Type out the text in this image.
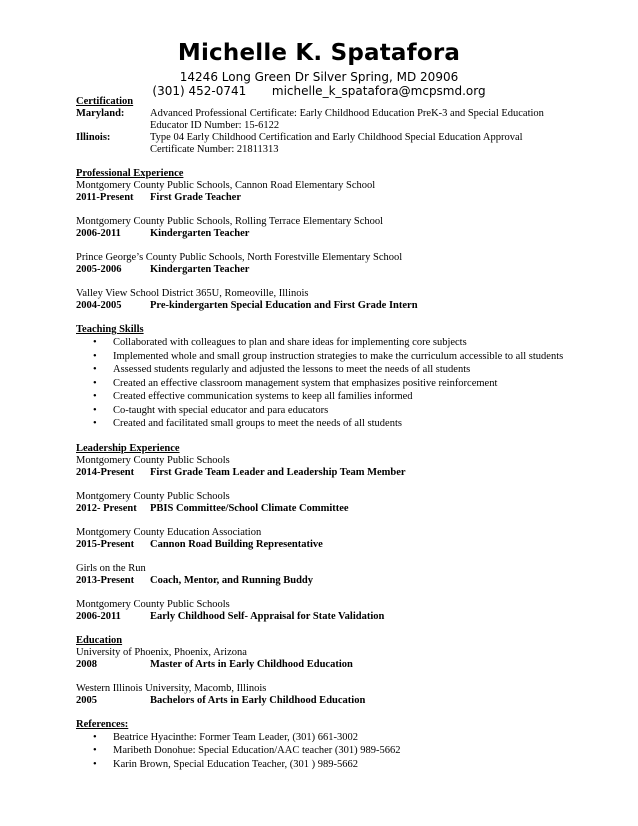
Michelle K. Spatafora
14246 Long Green Dr Silver Spring, MD 20906
(301) 452-0741 michelle_k_spatafora@mcpsmd.org
Certification
Maryland:	Advanced Professional Certificate: Early Childhood Education PreK-3 and Special Education
Educator ID Number: 15-6122
Illinois:	Type 04 Early Childhood Certification and Early Childhood Special Education Approval
Certificate Number: 21811313
Professional Experience
Montgomery County Public Schools, Cannon Road Elementary School
2011-Present	First Grade Teacher
Montgomery County Public Schools, Rolling Terrace Elementary School
2006-2011	Kindergarten Teacher
Prince George’s County Public Schools, North Forestville Elementary School
2005-2006	Kindergarten Teacher
Valley View School District 365U, Romeoville, Illinois
2004-2005	Pre-kindergarten Special Education and First Grade Intern
Teaching Skills
• Collaborated with colleagues to plan and share ideas for implementing core subjects
• Implemented whole and small group instruction strategies to make the curriculum accessible to all students
• Assessed students regularly and adjusted the lessons to meet the needs of all students
• Created an effective classroom management system that emphasizes positive reinforcement
• Created effective communication systems to keep all families informed
• Co-taught with special educator and para educators
• Created and facilitated small groups to meet the needs of all students
Leadership Experience
Montgomery County Public Schools
2014-Present	First Grade Team Leader and Leadership Team Member
Montgomery County Public Schools
2012- Present	PBIS Committee/School Climate Committee
Montgomery County Education Association
2015-Present	Cannon Road Building Representative
Girls on the Run
2013-Present	Coach, Mentor, and Running Buddy
Montgomery County Public Schools
2006-2011	Early Childhood Self- Appraisal for State Validation
Education
University of Phoenix, Phoenix, Arizona
2008	Master of Arts in Early Childhood Education
Western Illinois University, Macomb, Illinois
2005	Bachelors of Arts in Early Childhood Education
References:
• Beatrice Hyacinthe: Former Team Leader, (301) 661-3002
• Maribeth Donohue: Special Education/AAC teacher (301) 989-5662
• Karin Brown, Special Education Teacher, (301 ) 989-5662
